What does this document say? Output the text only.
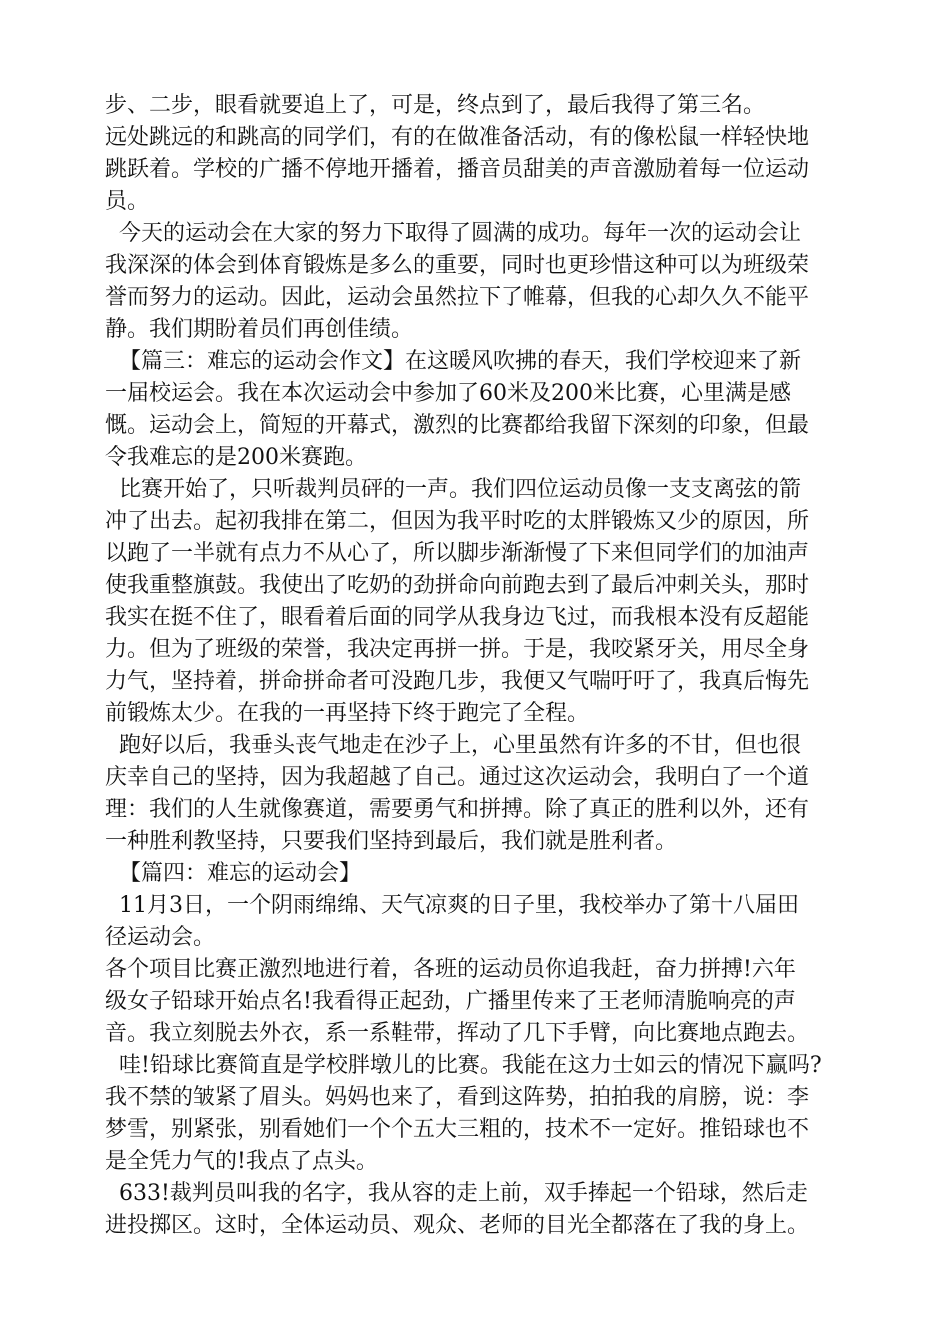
步、二步，眼看就要追上了，可是，终点到了，最后我得了第三名。
远处跳远的和跳高的同学们，有的在做准备活动，有的像松鼠一样轻快地
跳跃着。学校的广播不停地开播着，播音员甜美的声音激励着每一位运动
员。
今天的运动会在大家的努力下取得了圆满的成功。每年一次的运动会让
我深深的体会到体育锻炼是多么的重要，同时也更珍惜这种可以为班级荣
誉而努力的运动。因此，运动会虽然拉下了帷幕，但我的心却久久不能平
静。我们期盼着员们再创佳绩。
【篇三：难忘的运动会作文】在这暖风吹拂的春天，我们学校迎来了新
一届校运会。我在本次运动会中参加了60米及200米比赛，心里满是感
慨。运动会上，简短的开幕式，激烈的比赛都给我留下深刻的印象，但最
令我难忘的是200米赛跑。
比赛开始了，只听裁判员砰的一声。我们四位运动员像一支支离弦的箭
冲了出去。起初我排在第二，但因为我平时吃的太胖锻炼又少的原因，所
以跑了一半就有点力不从心了，所以脚步渐渐慢了下来但同学们的加油声
使我重整旗鼓。我使出了吃奶的劲拼命向前跑去到了最后冲刺关头，那时
我实在挺不住了，眼看着后面的同学从我身边飞过，而我根本没有反超能
力。但为了班级的荣誉，我决定再拼一拼。于是，我咬紧牙关，用尽全身
力气，坚持着，拼命拼命者可没跑几步，我便又气喘吁吁了，我真后悔先
前锻炼太少。在我的一再坚持下终于跑完了全程。
跑好以后，我垂头丧气地走在沙子上，心里虽然有许多的不甘，但也很
庆幸自己的坚持，因为我超越了自己。通过这次运动会，我明白了一个道
理：我们的人生就像赛道，需要勇气和拼搏。除了真正的胜利以外，还有
一种胜利教坚持，只要我们坚持到最后，我们就是胜利者。
【篇四：难忘的运动会】
11月3日，一个阴雨绵绵、天气凉爽的日子里，我校举办了第十八届田
径运动会。
各个项目比赛正激烈地进行着，各班的运动员你追我赶，奋力拼搏!六年
级女子铅球开始点名!我看得正起劲，广播里传来了王老师清脆响亮的声
音。我立刻脱去外衣，系一系鞋带，挥动了几下手臂，向比赛地点跑去。
哇!铅球比赛简直是学校胖墩儿的比赛。我能在这力士如云的情况下赢吗?
我不禁的皱紧了眉头。妈妈也来了，看到这阵势，拍拍我的肩膀，说：李
梦雪，别紧张，别看她们一个个五大三粗的，技术不一定好。推铅球也不
是全凭力气的!我点了点头。
633!裁判员叫我的名字，我从容的走上前，双手捧起一个铅球，然后走
进投掷区。这时，全体运动员、观众、老师的目光全都落在了我的身上。
